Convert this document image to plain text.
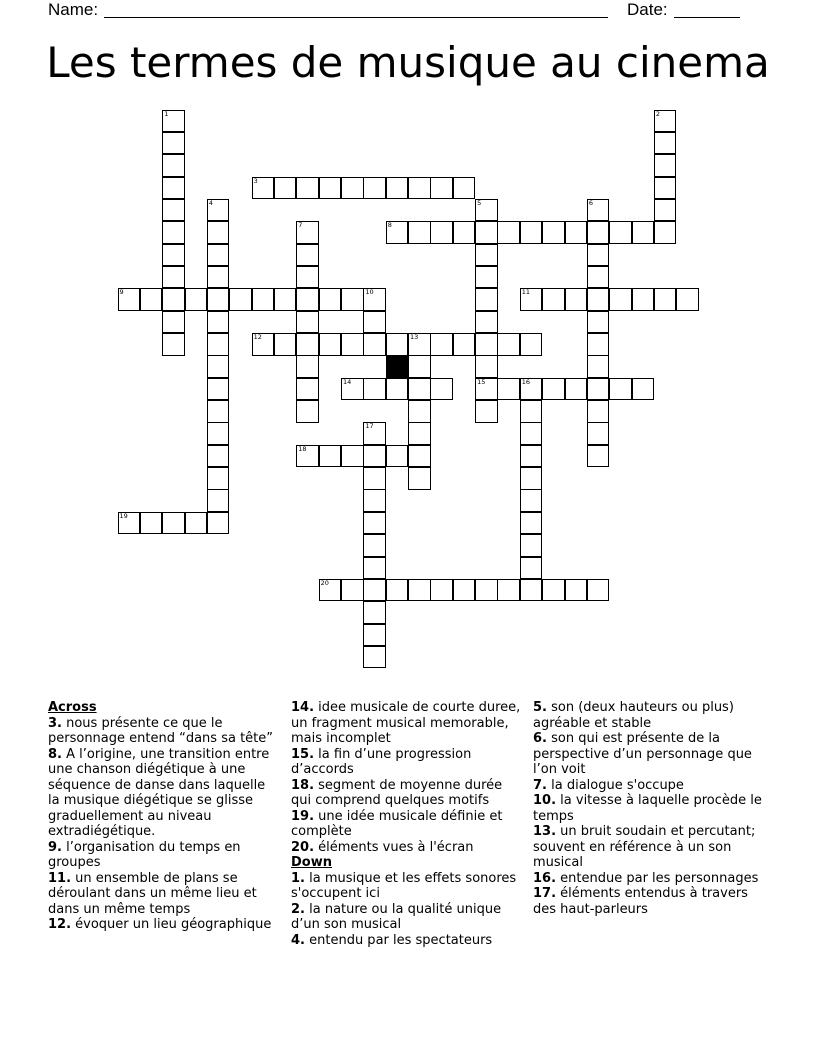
Name:	Date:
Les termes de musique au cinema
1	2
3
4	5
15
6
7	8
9	10	11
12	13
14	16
17
18
19
20
Across
3. nous présente ce que le personnage entend “dans sa tête”
8. A l’origine, une transition entre une chanson diégétique à une séquence de danse dans laquelle la musique diégétique se glisse graduellement au niveau extradiégétique.
9. l’organisation du temps en groupes
11. un ensemble de plans se déroulant dans un même lieu et dans un même temps
12. évoquer un lieu géographique
14. idee musicale de courte duree, un fragment musical memorable, mais incomplet
15. la fin d’une progression d’accords
18. segment de moyenne durée qui comprend quelques motifs
19. une idée musicale définie et complète
20. éléments vues à l'écran
Down
1. la musique et les effets sonores s'occupent ici
2. la nature ou la qualité unique d’un son musical
4. entendu par les spectateurs
5. son (deux hauteurs ou plus) agréable et stable
6. son qui est présente de la perspective d’un personnage que l’on voit
7. la dialogue s'occupe
10. la vitesse à laquelle procède le temps
13. un bruit soudain et percutant; souvent en référence à un son musical
16. entendue par les personnages
17. éléments entendus à travers des haut-parleurs
